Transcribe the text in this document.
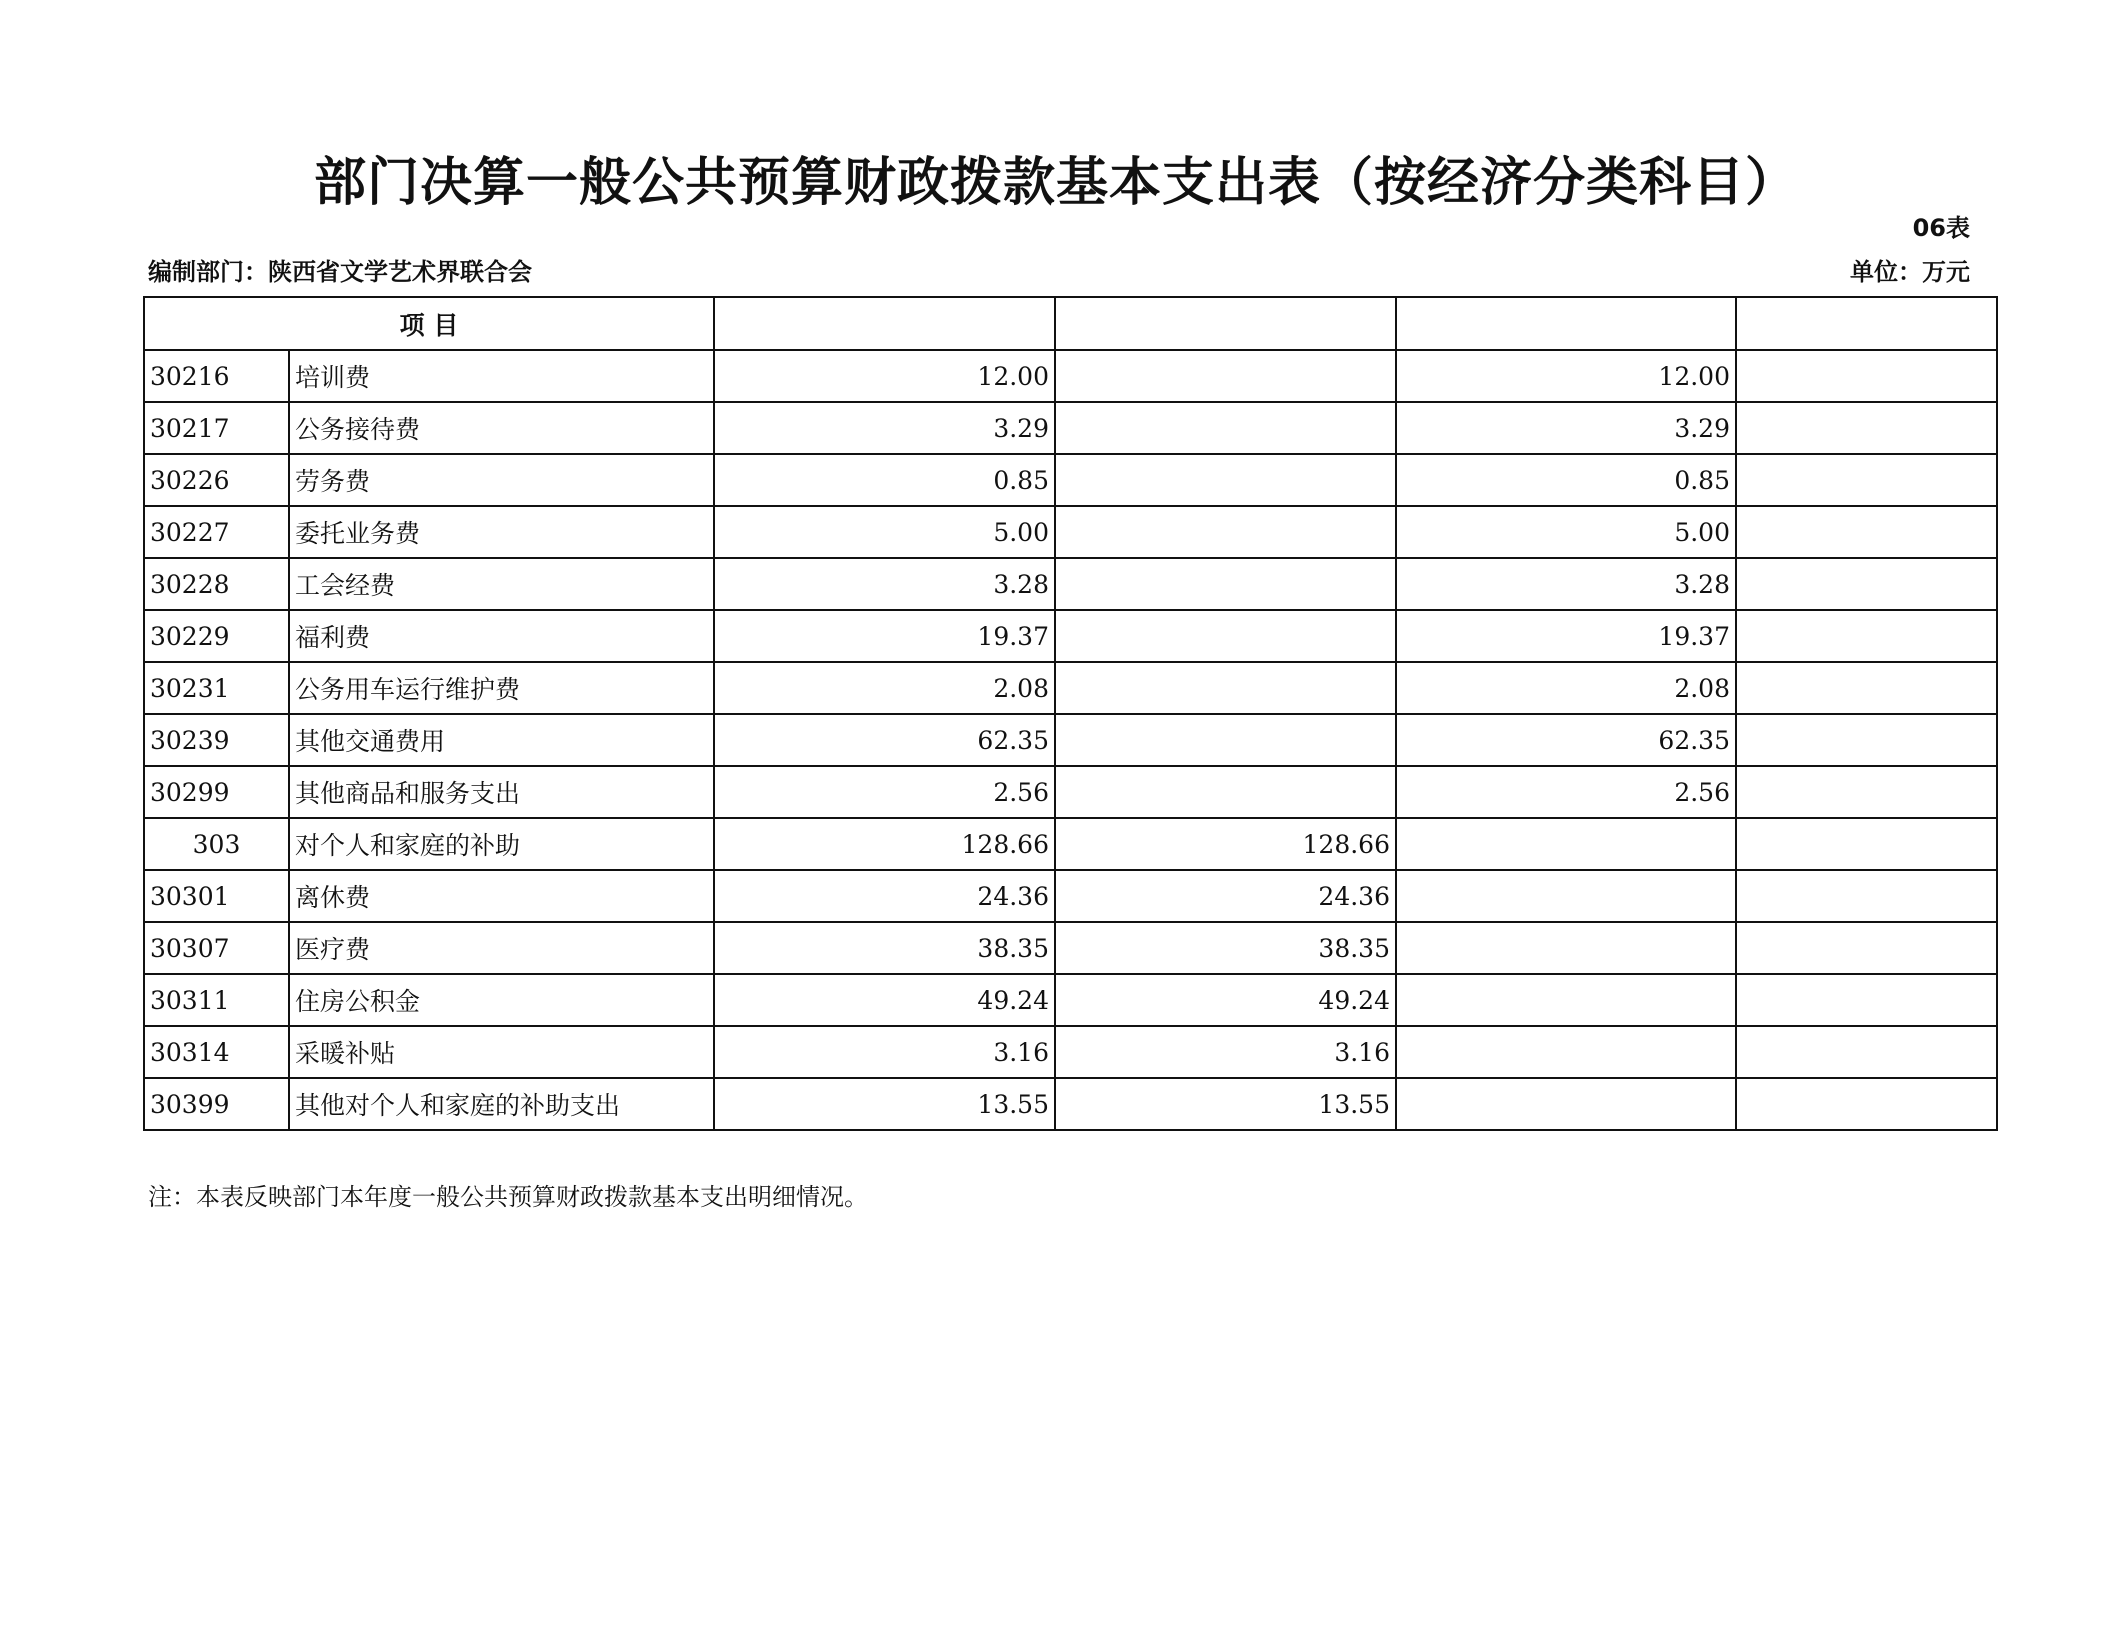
部门决算一般公共预算财政拨款基本支出表（按经济分类科目）
06表
编制部门：陕西省文学艺术界联合会	单位：万元
项 目					
30216	培训费	12.00		12.00	
30217	公务接待费	3.29		3.29	
30226	劳务费	0.85		0.85	
30227	委托业务费	5.00		5.00	
30228	工会经费	3.28		3.28	
30229	福利费	19.37		19.37	
30231	公务用车运行维护费	2.08		2.08	
30239	其他交通费用	62.35		62.35	
30299	其他商品和服务支出	2.56		2.56	
303	对个人和家庭的补助	128.66	128.66		
30301	离休费	24.36	24.36		
30307	医疗费	38.35	38.35		
30311	住房公积金	49.24	49.24		
30314	采暖补贴	3.16	3.16		
30399	其他对个人和家庭的补助支出	13.55	13.55		
注：本表反映部门本年度一般公共预算财政拨款基本支出明细情况。
